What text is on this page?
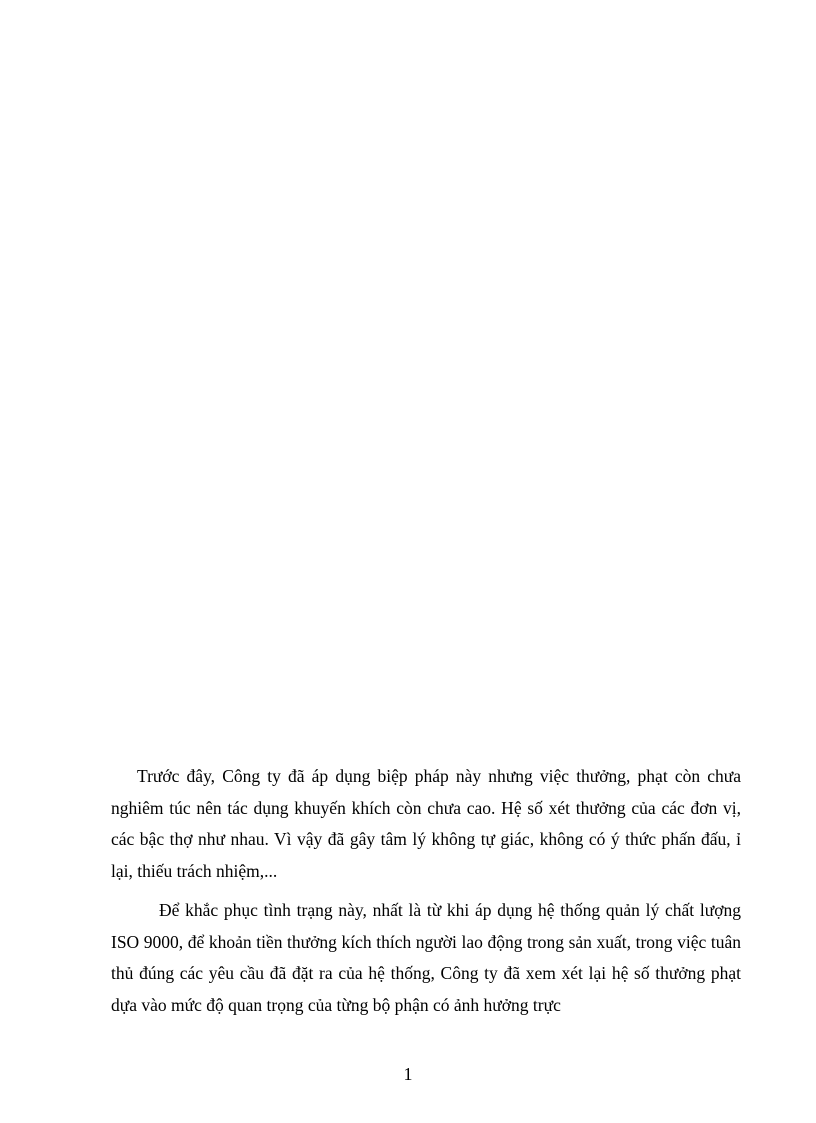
Trước đây, Công ty đã áp dụng biệp pháp này nhưng việc thưởng, phạt còn chưa nghiêm túc nên tác dụng khuyến khích còn chưa cao. Hệ số xét thưởng của các đơn vị, các bậc thợ như nhau. Vì vậy đã gây tâm lý không tự giác, không có ý thức phấn đấu, ỉ lại, thiếu trách nhiệm,...

Để khắc phục tình trạng này, nhất là từ khi áp dụng hệ thống quản lý chất lượng ISO 9000, để khoản tiền thưởng kích thích người lao động trong sản xuất, trong việc tuân thủ đúng các yêu cầu đã đặt ra của hệ thống, Công ty đã xem xét lại hệ số thưởng phạt dựa vào mức độ quan trọng của từng bộ phận có ảnh hưởng trực

1
